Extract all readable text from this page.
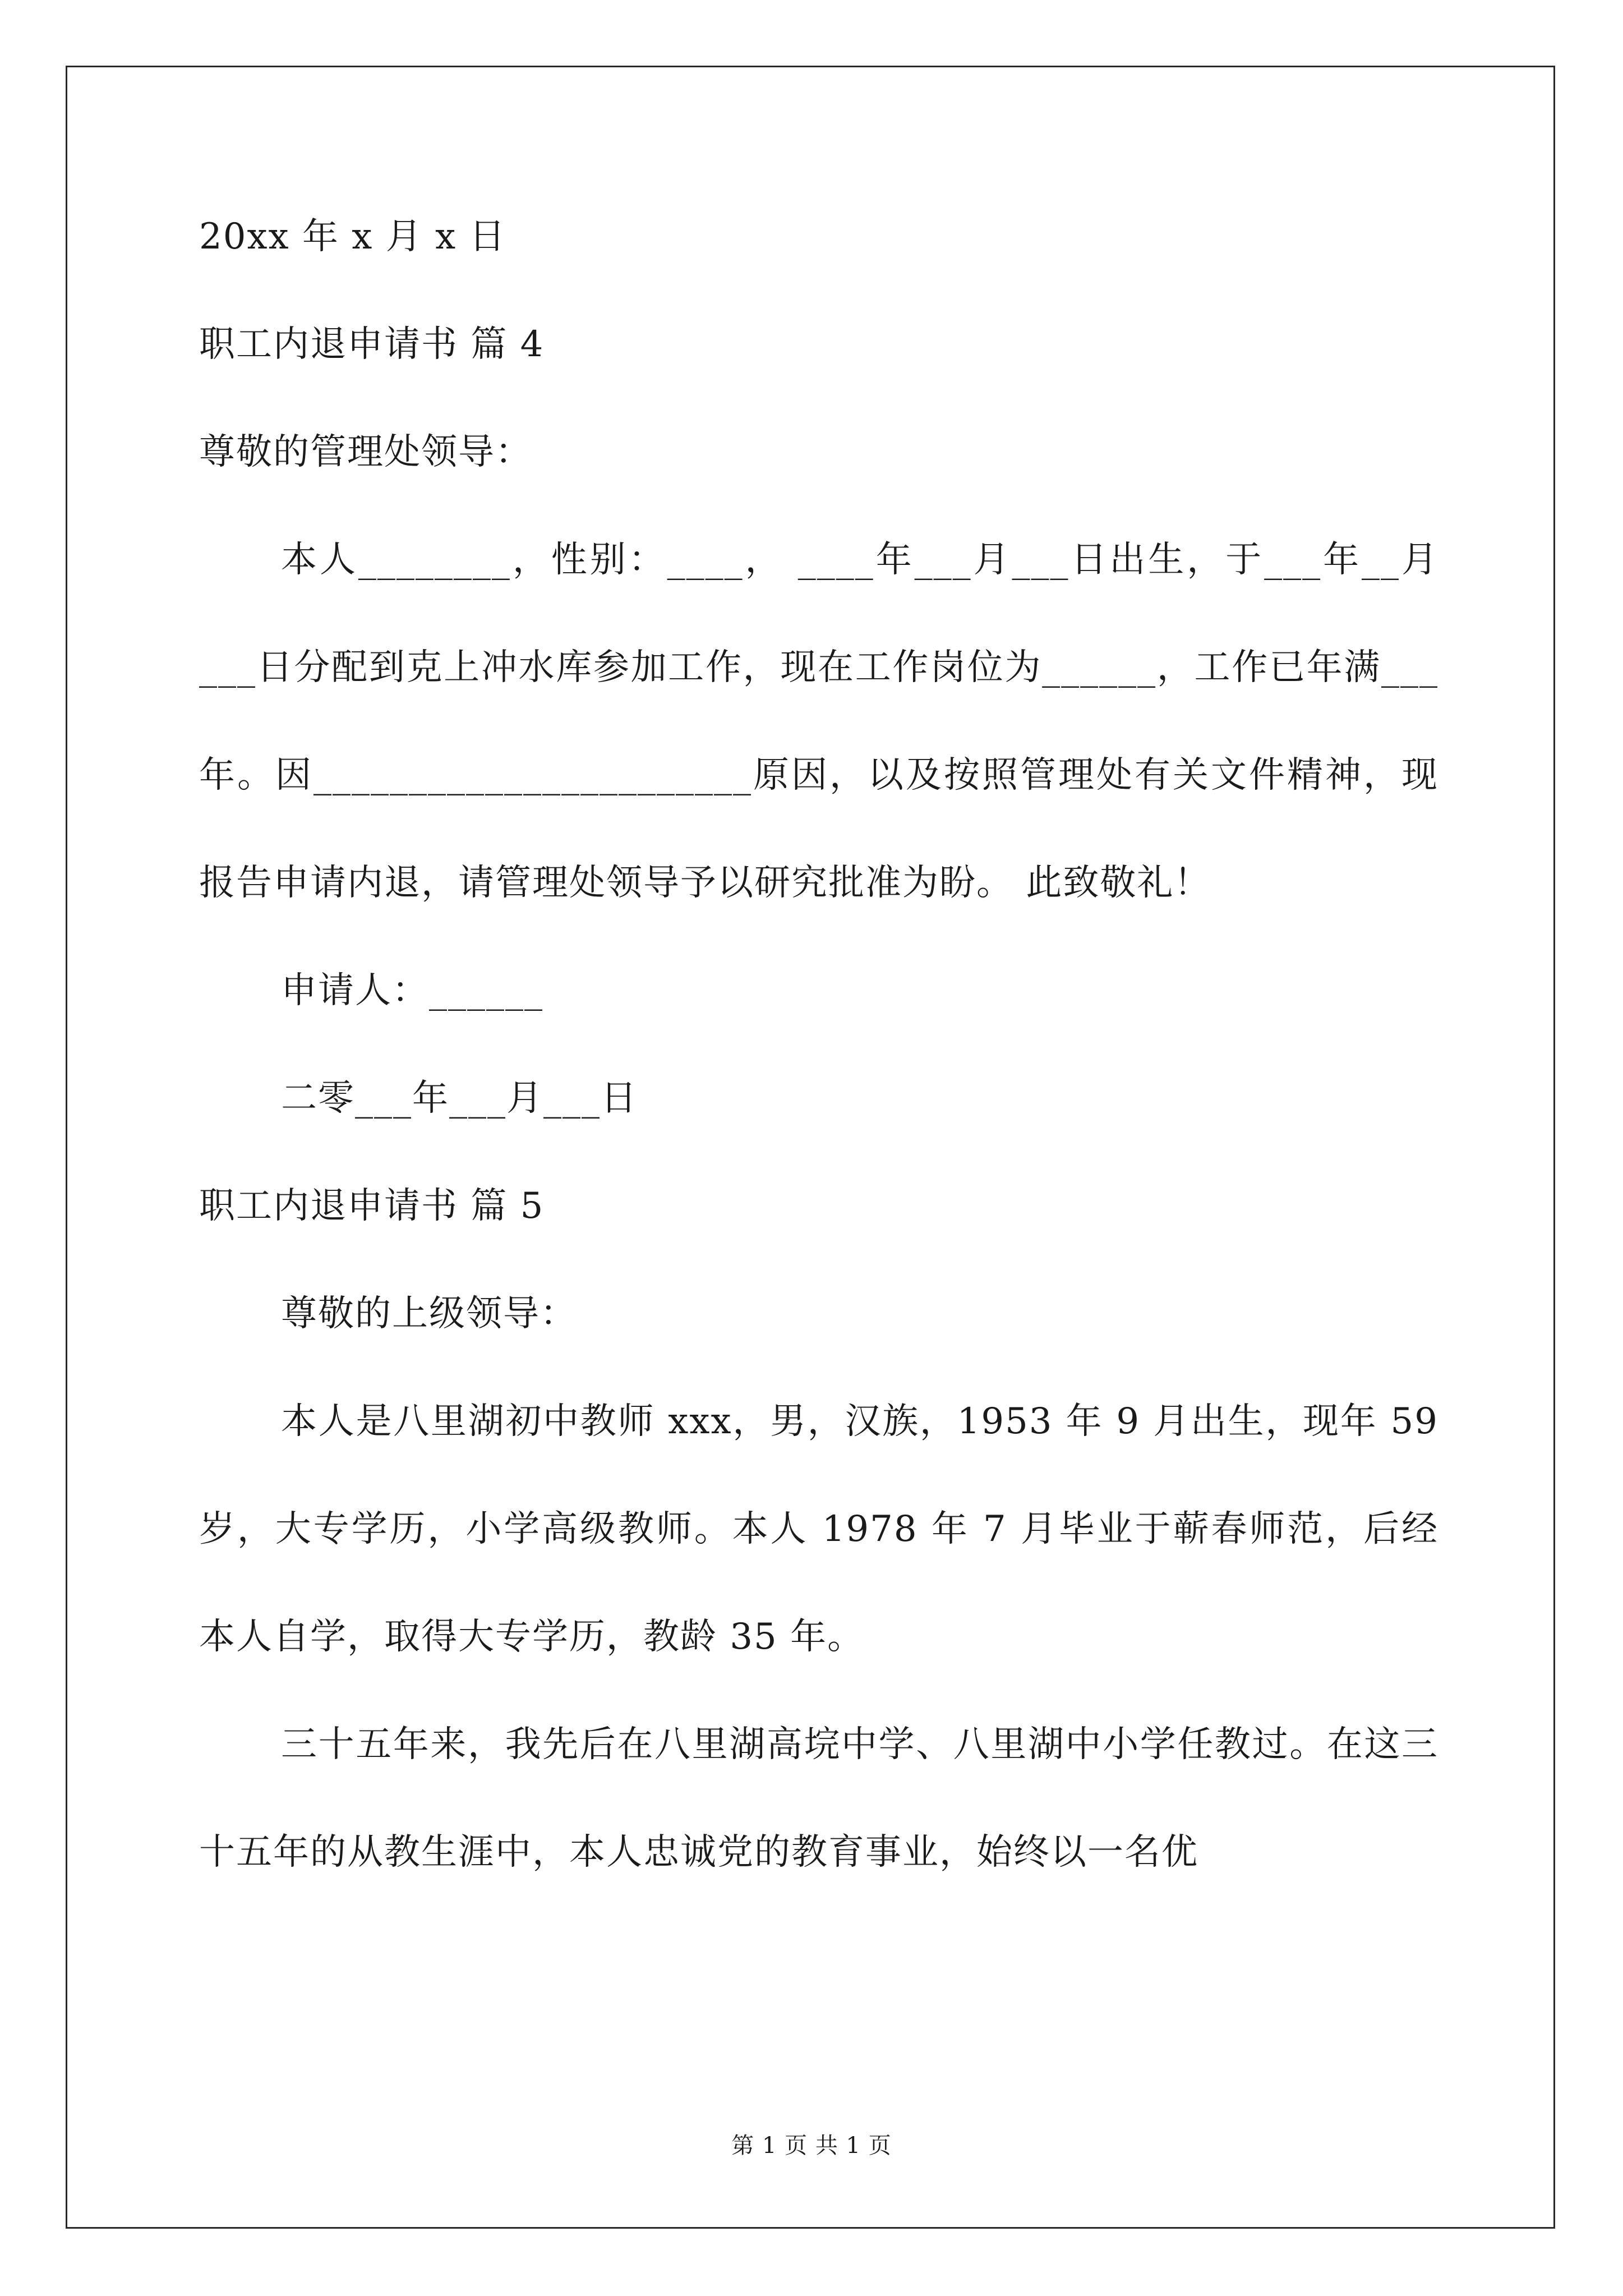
20xx 年 x 月 x 日
职工内退申请书 篇 4
尊敬的管理处领导：
本人________，性别：____， ____年___月___日出生，于___年__月___日分配到克上冲水库参加工作，现在工作岗位为______，工作已年满___年。因_______________________原因，以及按照管理处有关文件精神，现报告申请内退，请管理处领导予以研究批准为盼。 此致敬礼！
申请人：______
二零___年___月___日
职工内退申请书 篇 5
尊敬的上级领导：
本人是八里湖初中教师 xxx，男，汉族，1953 年 9 月出生，现年 59 岁，大专学历，小学高级教师。本人 1978 年 7 月毕业于蕲春师范，后经本人自学，取得大专学历，教龄 35 年。
三十五年来，我先后在八里湖高垸中学、八里湖中小学任教过。在这三十五年的从教生涯中，本人忠诚党的教育事业，始终以一名优
第 1 页 共 1 页
